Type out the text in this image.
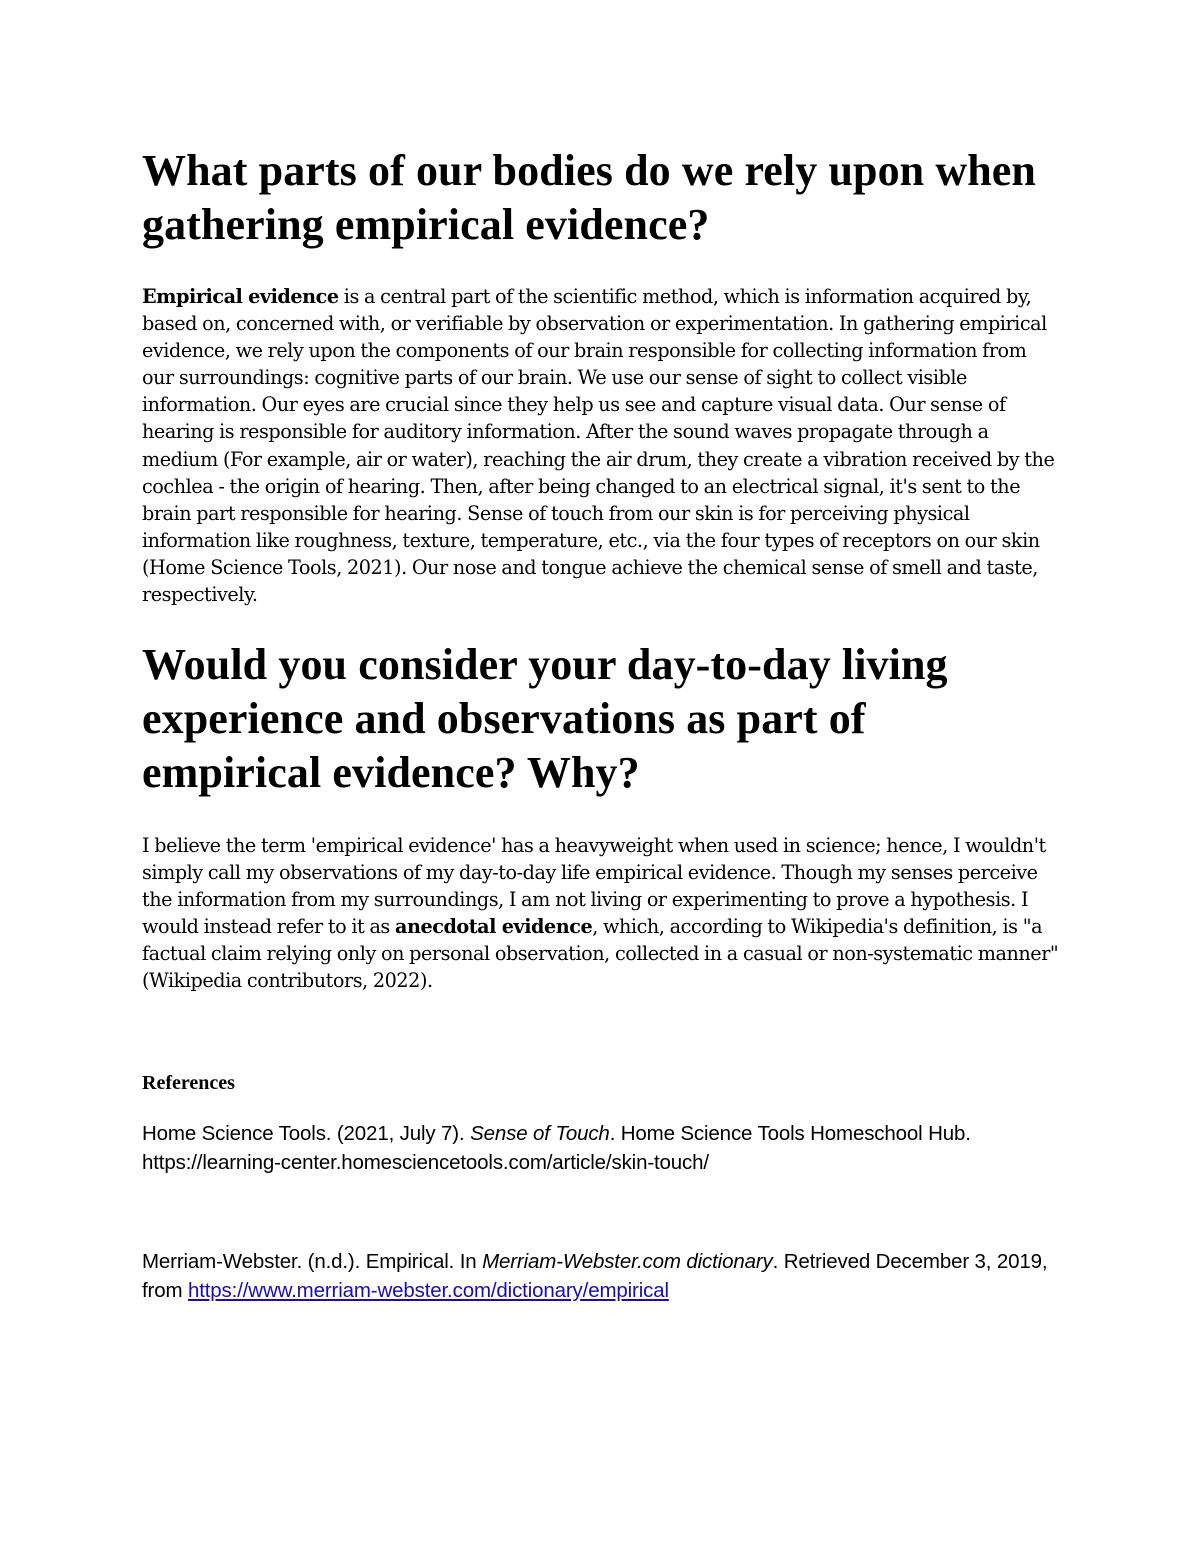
What parts of our bodies do we rely upon when gathering empirical evidence?

Empirical evidence is a central part of the scientific method, which is information acquired by, based on, concerned with, or verifiable by observation or experimentation. In gathering empirical evidence, we rely upon the components of our brain responsible for collecting information from our surroundings: cognitive parts of our brain. We use our sense of sight to collect visible information. Our eyes are crucial since they help us see and capture visual data. Our sense of hearing is responsible for auditory information. After the sound waves propagate through a medium (For example, air or water), reaching the air drum, they create a vibration received by the cochlea - the origin of hearing. Then, after being changed to an electrical signal, it's sent to the brain part responsible for hearing. Sense of touch from our skin is for perceiving physical information like roughness, texture, temperature, etc., via the four types of receptors on our skin (Home Science Tools, 2021). Our nose and tongue achieve the chemical sense of smell and taste, respectively.

Would you consider your day-to-day living experience and observations as part of empirical evidence? Why?

I believe the term 'empirical evidence' has a heavyweight when used in science; hence, I wouldn't simply call my observations of my day-to-day life empirical evidence. Though my senses perceive the information from my surroundings, I am not living or experimenting to prove a hypothesis. I would instead refer to it as anecdotal evidence, which, according to Wikipedia's definition, is "a factual claim relying only on personal observation, collected in a casual or non-systematic manner" (Wikipedia contributors, 2022).

References

Home Science Tools. (2021, July 7). Sense of Touch. Home Science Tools Homeschool Hub. https://learning-center.homesciencetools.com/article/skin-touch/

Merriam-Webster. (n.d.). Empirical. In Merriam-Webster.com dictionary. Retrieved December 3, 2019, from https://www.merriam-webster.com/dictionary/empirical
